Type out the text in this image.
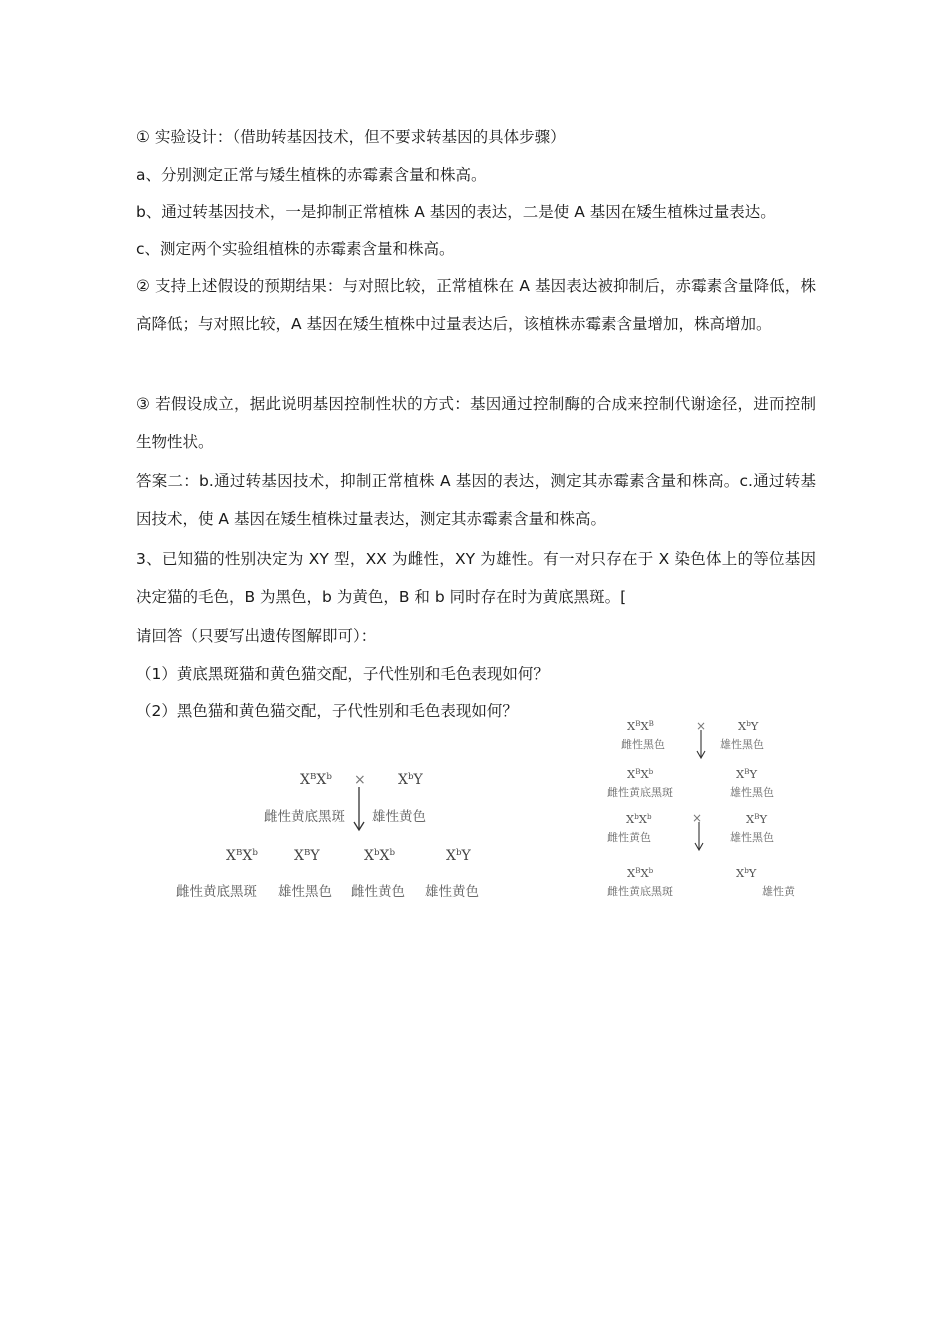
① 实验设计：（借助转基因技术，但不要求转基因的具体步骤）

a、分别测定正常与矮生植株的赤霉素含量和株高。

b、通过转基因技术，一是抑制正常植株 A 基因的表达，二是使 A 基因在矮生植株过量表达。

c、测定两个实验组植株的赤霉素含量和株高。

② 支持上述假设的预期结果：与对照比较，正常植株在 A 基因表达被抑制后，赤霉素含量降低，株高降低；与对照比较，A 基因在矮生植株中过量表达后，该植株赤霉素含量增加，株高增加。

③ 若假设成立，据此说明基因控制性状的方式：基因通过控制酶的合成来控制代谢途径，进而控制生物性状。

答案二：b.通过转基因技术，抑制正常植株 A 基因的表达，测定其赤霉素含量和株高。c.通过转基因技术，使 A 基因在矮生植株过量表达，测定其赤霉素含量和株高。

3、已知猫的性别决定为 XY 型，XX 为雌性，XY 为雄性。有一对只存在于 X 染色体上的等位基因决定猫的毛色，B 为黑色，b 为黄色，B 和 b 同时存在时为黄底黑斑。[

请回答（只要写出遗传图解即可）：

（1）黄底黑斑猫和黄色猫交配，子代性别和毛色表现如何？

（2）黑色猫和黄色猫交配，子代性别和毛色表现如何？

$X^BX^b \times X^bY$
雌性黄底黑斑 雄性黄色
$X^BX^b$	$X^BY$	$X^bX^b$	$X^bY$
雌性黄底黑斑 雄性黑色 雌性黄色 雄性黄色
$X^BX^B$	×	$X^bY$
雌性黑色	雄性黑色
$X^BX^b$	$X^BY$
雌性黄底黑斑	雄性黑色
$X^bX^b$	×	$X^BY$
雌性黄色	雄性黑色
$X^BX^b$	$X^bY$
雌性黄底黑斑	雄性黄
